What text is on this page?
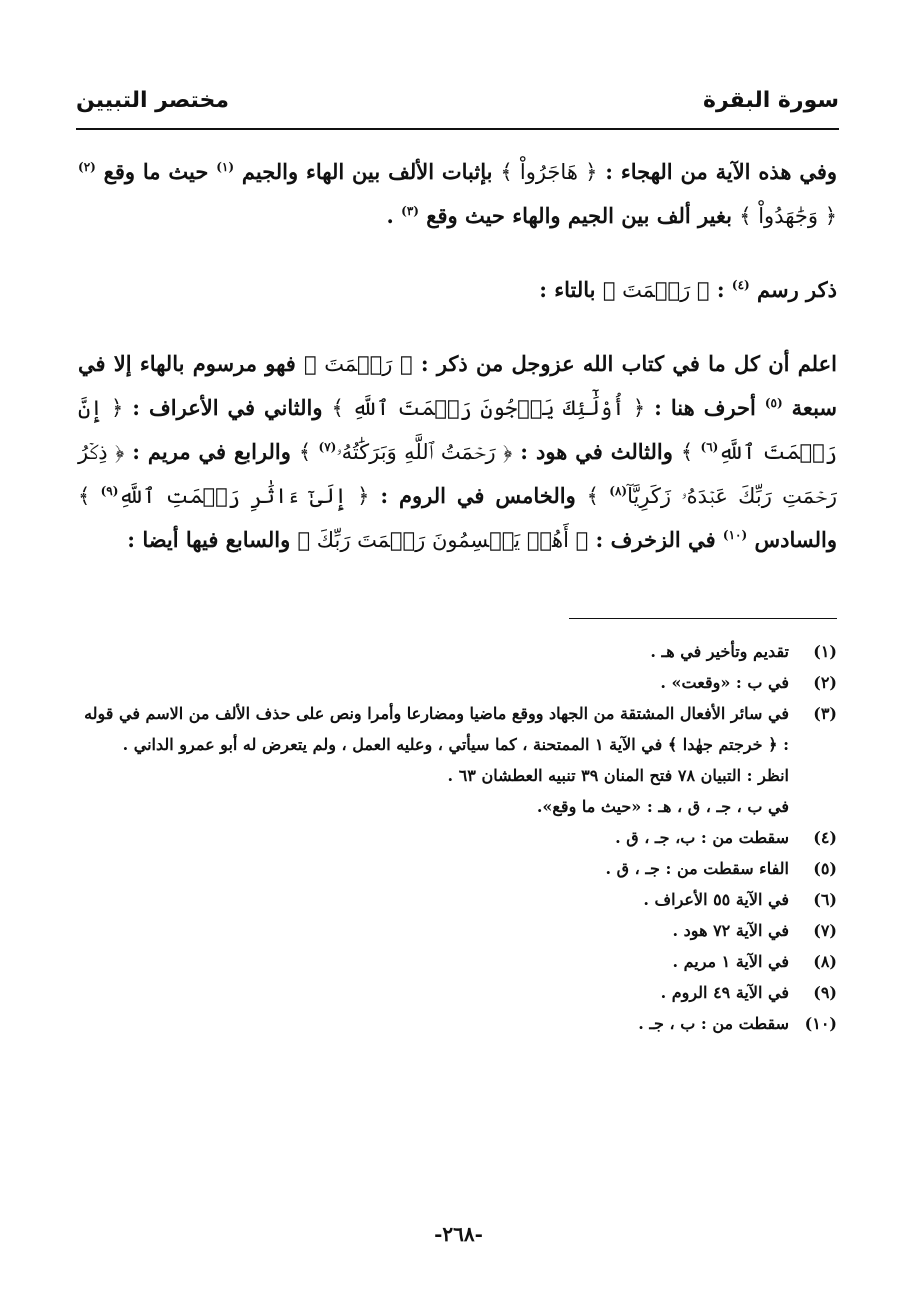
سورة البقرة
مختصر التبيين

وفي هذه الآية من الهجاء : ﴿ هَاجَرُواْ ﴾ بإثبات الألف بين الهاء والجيم $^{(١)}$ حيث ما وقع $^{(٢)}$ ﴿ وَجَٰهَدُواْ ﴾ بغير ألف بين الجيم والهاء حيث وقع $^{(٣)}$ .

ذكر رسم $^{(٤)}$ : ﴿ رَحۡمَتَ ﴾ بالتاء :

اعلم أن كل ما في كتاب الله عزوجل من ذكر : ﴿ رَحۡمَتَ ﴾ فهو مرسوم بالهاء إلا في سبعة $^{(٥)}$ أحرف هنا : ﴿ أُوْلَٰٓئِكَ يَرۡجُونَ رَحۡمَتَ ٱللَّهِ ﴾ والثاني في الأعراف : ﴿ إِنَّ رَحۡمَتَ ٱللَّهِ$^{(٦)}$ ﴾ والثالث في هود : ﴿ رَحۡمَتُ ٱللَّهِ وَبَرَكَٰتُهُۥ$^{(٧)}$ ﴾ والرابع في مريم : ﴿ ذِكۡرُ رَحۡمَتِ رَبِّكَ عَبۡدَهُۥ زَكَرِيَّآ$^{(٨)}$ ﴾ والخامس في الروم : ﴿ إِلَىٰٓ ءَاثَٰرِ رَحۡمَتِ ٱللَّهِ$^{(٩)}$ ﴾ والسادس $^{(١٠)}$ في الزخرف : ﴿ أَهُمۡ يَقۡسِمُونَ رَحۡمَتَ رَبِّكَ ﴾ والسابع فيها أيضا :

(١)
تقديم وتأخير في هـ .
(٢)
في ب : «وقعت» .
(٣)
في سائر الأفعال المشتقة من الجهاد ووقع ماضيا ومضارعا وأمرا ونص على حذف الألف من الاسم في قوله : ﴿ خرجتم جهٰدا ﴾ في الآية ١ الممتحنة ، كما سيأتي ، وعليه العمل ، ولم يتعرض له أبو عمرو الداني .
انظر : التبيان ٧٨ فتح المنان ٣٩ تنبيه العطشان ٦٣ .
في ب ، جـ ، ق ، هـ : «حيث ما وقع».
(٤)
سقطت من : ب، جـ ، ق .
(٥)
الفاء سقطت من : جـ ، ق .
(٦)
في الآية ٥٥ الأعراف .
(٧)
في الآية ٧٢ هود .
(٨)
في الآية ١ مريم .
(٩)
في الآية ٤٩ الروم .
(١٠)
سقطت من : ب ، جـ .
-٢٦٨-
